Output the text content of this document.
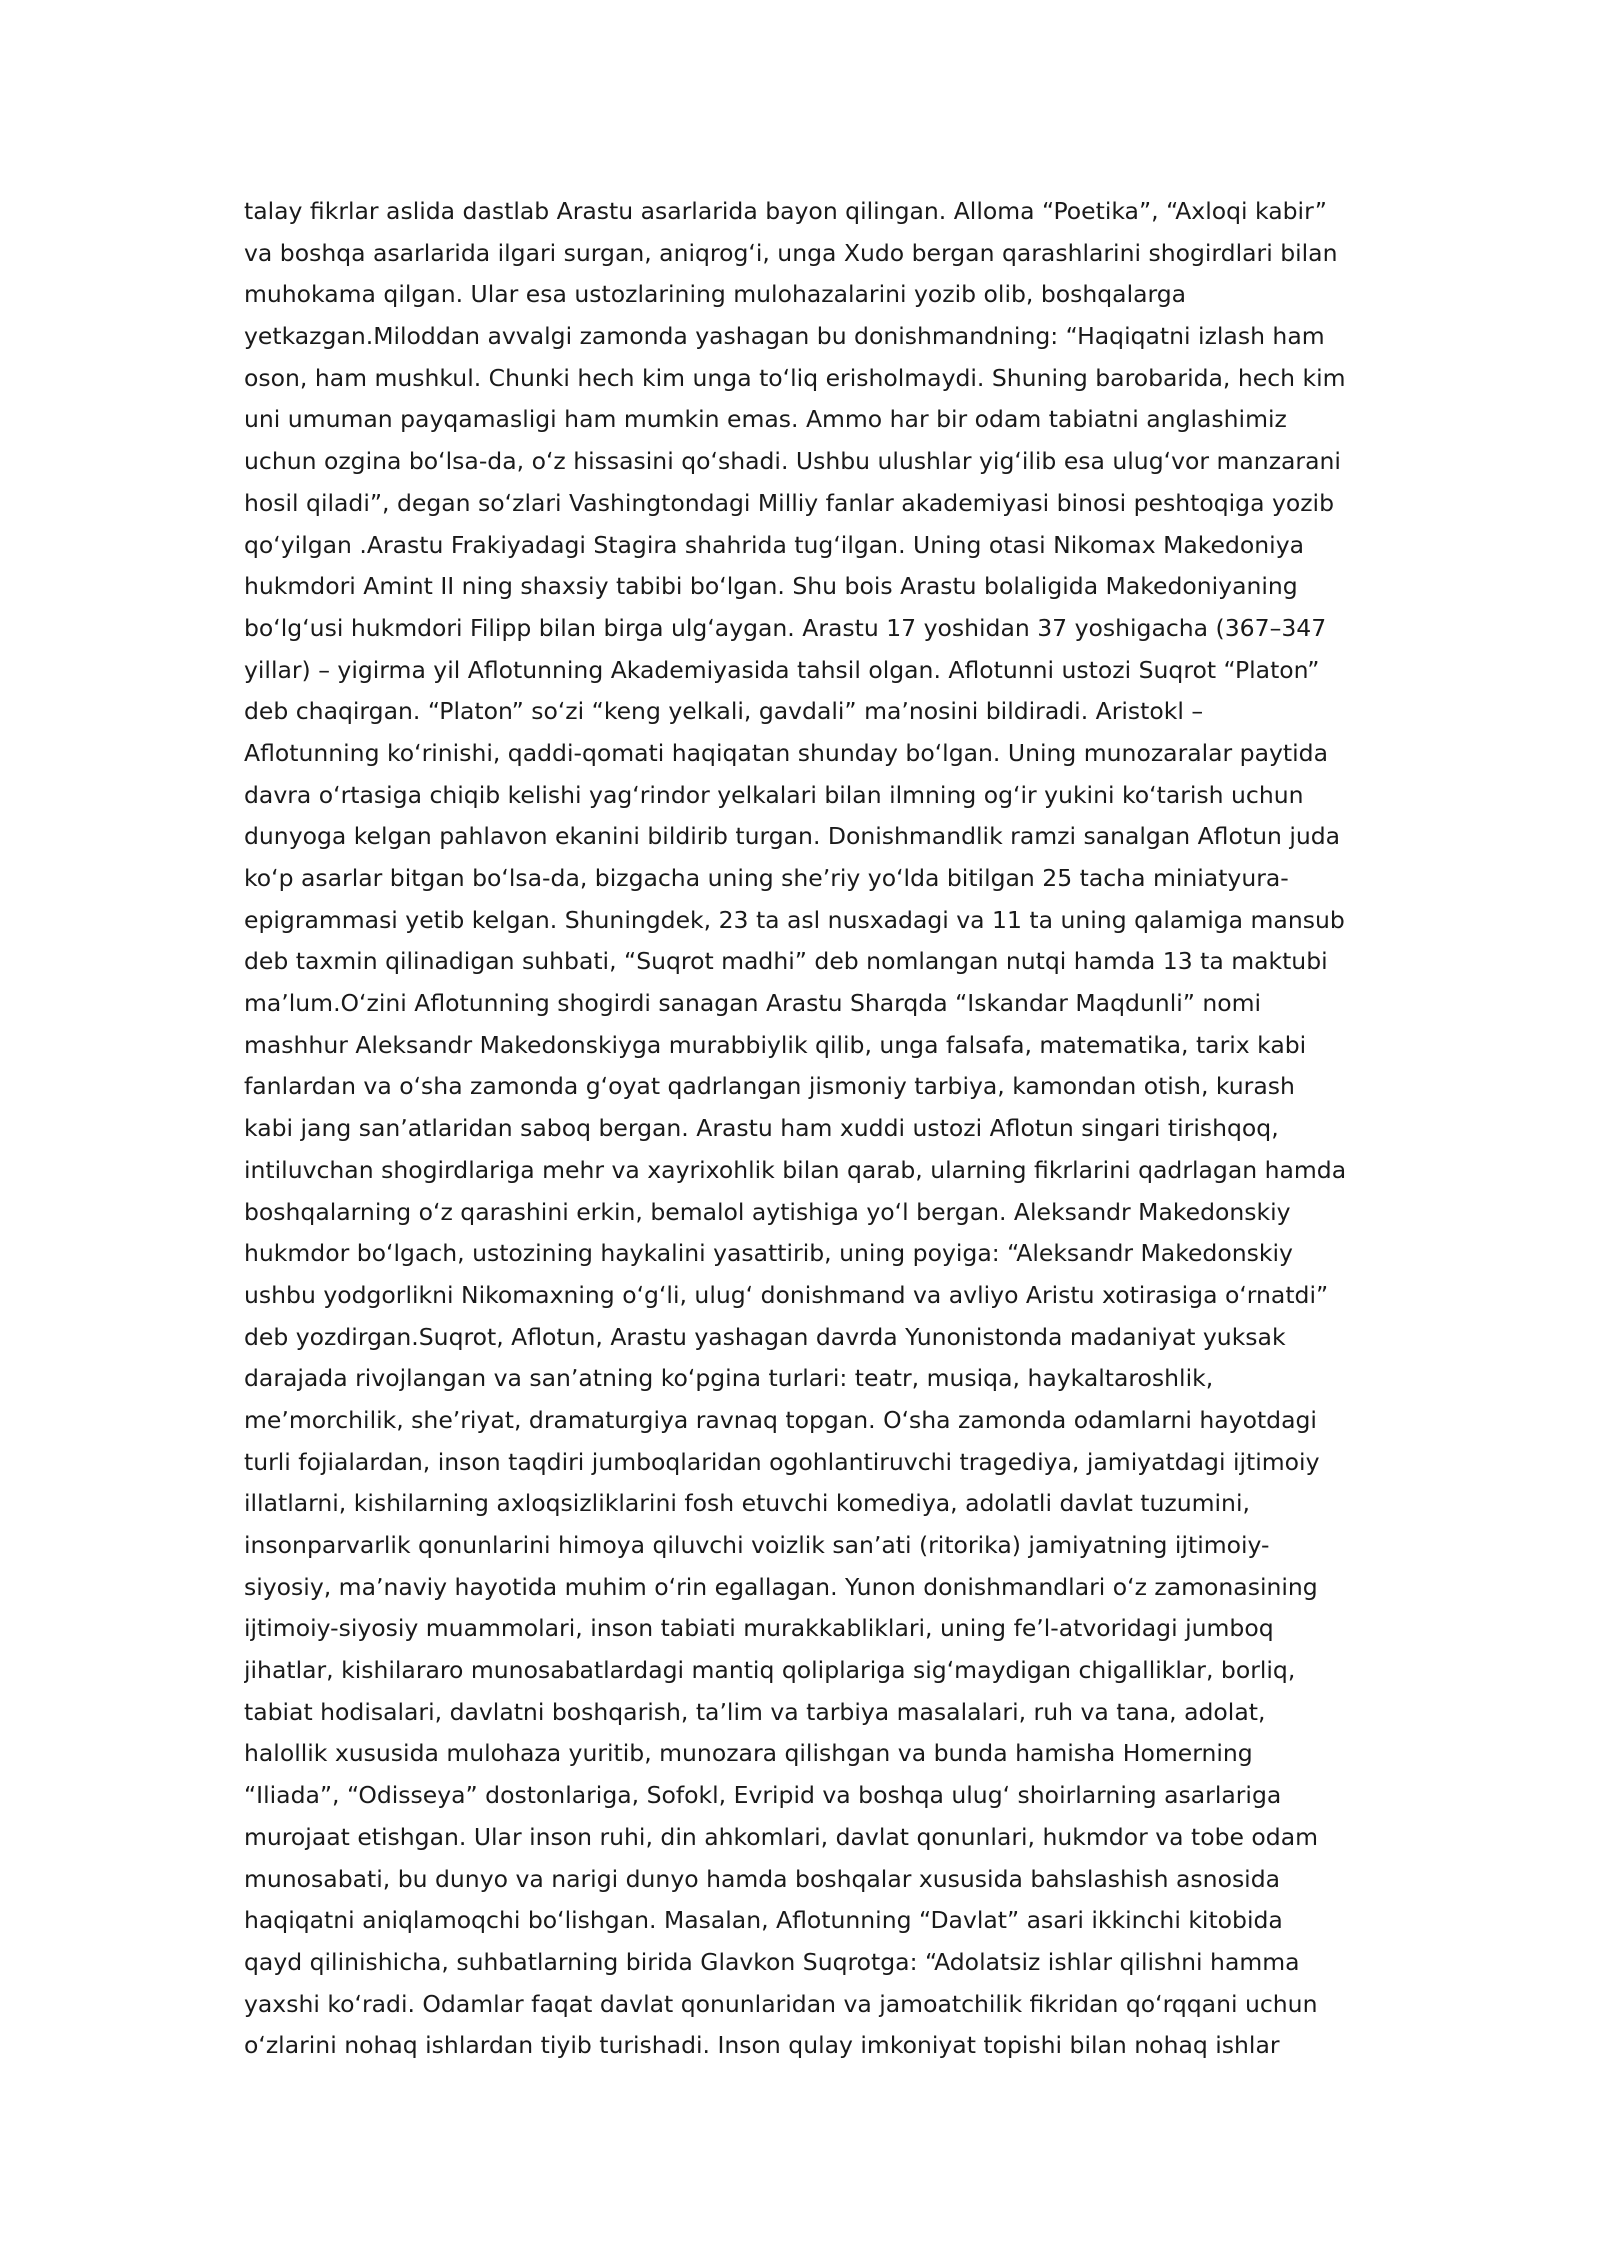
talay fikrlar aslida dastlab Arastu asarlarida bayon qilingan. Alloma “Poetika”, “Axloqi kabir”
va boshqa asarlarida ilgari surgan, aniqrogʻi, unga Xudo bergan qarashlarini shogirdlari bilan
muhokama qilgan. Ular esa ustozlarining mulohazalarini yozib olib, boshqalarga
yetkazgan.Miloddan avvalgi zamonda yashagan bu donishmandning: “Haqiqatni izlash ham
oson, ham mushkul. Chunki hech kim unga toʻliq erisholmaydi. Shuning barobarida, hech kim
uni umuman payqamasligi ham mumkin emas. Ammo har bir odam tabiatni anglashimiz
uchun ozgina boʻlsa-da, oʻz hissasini qoʻshadi. Ushbu ulushlar yigʻilib esa ulugʻvor manzarani
hosil qiladi”, degan soʻzlari Vashingtondagi Milliy fanlar akademiyasi binosi peshtoqiga yozib
qoʻyilgan .Arastu Frakiyadagi Stagira shahrida tugʻilgan. Uning otasi Nikomax Makedoniya
hukmdori Amint II ning shaxsiy tabibi boʻlgan. Shu bois Arastu bolaligida Makedoniyaning
boʻlgʻusi hukmdori Filipp bilan birga ulgʻaygan. Arastu 17 yoshidan 37 yoshigacha (367–347
yillar) – yigirma yil Aflotunning Akademiyasida tahsil olgan. Aflotunni ustozi Suqrot “Platon”
deb chaqirgan. “Platon” soʻzi “keng yelkali, gavdali” maʼnosini bildiradi. Aristokl –
Aflotunning koʻrinishi, qaddi-qomati haqiqatan shunday boʻlgan. Uning munozaralar paytida
davra oʻrtasiga chiqib kelishi yagʻrindor yelkalari bilan ilmning ogʻir yukini koʻtarish uchun
dunyoga kelgan pahlavon ekanini bildirib turgan. Donishmandlik ramzi sanalgan Aflotun juda
koʻp asarlar bitgan boʻlsa-da, bizgacha uning sheʼriy yoʻlda bitilgan 25 tacha miniatyura-
epigrammasi yetib kelgan. Shuningdek, 23 ta asl nusxadagi va 11 ta uning qalamiga mansub
deb taxmin qilinadigan suhbati, “Suqrot madhi” deb nomlangan nutqi hamda 13 ta maktubi
maʼlum.Oʻzini Aflotunning shogirdi sanagan Arastu Sharqda “Iskandar Maqdunli” nomi
mashhur Aleksandr Makedonskiyga murabbiylik qilib, unga falsafa, matematika, tarix kabi
fanlardan va oʻsha zamonda gʻoyat qadrlangan jismoniy tarbiya, kamondan otish, kurash
kabi jang sanʼatlaridan saboq bergan. Arastu ham xuddi ustozi Aflotun singari tirishqoq,
intiluvchan shogirdlariga mehr va xayrixohlik bilan qarab, ularning fikrlarini qadrlagan hamda
boshqalarning oʻz qarashini erkin, bemalol aytishiga yoʻl bergan. Aleksandr Makedonskiy
hukmdor boʻlgach, ustozining haykalini yasattirib, uning poyiga: “Aleksandr Makedonskiy
ushbu yodgorlikni Nikomaxning oʻgʻli, ulugʻ donishmand va avliyo Aristu xotirasiga oʻrnatdi”
deb yozdirgan.Suqrot, Aflotun, Arastu yashagan davrda Yunonistonda madaniyat yuksak
darajada rivojlangan va sanʼatning koʻpgina turlari: teatr, musiqa, haykaltaroshlik,
meʼmorchilik, sheʼriyat, dramaturgiya ravnaq topgan. Oʻsha zamonda odamlarni hayotdagi
turli fojialardan, inson taqdiri jumboqlaridan ogohlantiruvchi tragediya, jamiyatdagi ijtimoiy
illatlarni, kishilarning axloqsizliklarini fosh etuvchi komediya, adolatli davlat tuzumini,
insonparvarlik qonunlarini himoya qiluvchi voizlik sanʼati (ritorika) jamiyatning ijtimoiy-
siyosiy, maʼnaviy hayotida muhim oʻrin egallagan. Yunon donishmandlari oʻz zamonasining
ijtimoiy-siyosiy muammolari, inson tabiati murakkabliklari, uning feʼl-atvoridagi jumboq
jihatlar, kishilararo munosabatlardagi mantiq qoliplariga sigʻmaydigan chigalliklar, borliq,
tabiat hodisalari, davlatni boshqarish, taʼlim va tarbiya masalalari, ruh va tana, adolat,
halollik xususida mulohaza yuritib, munozara qilishgan va bunda hamisha Homerning
“Iliada”, “Odisseya” dostonlariga, Sofokl, Evripid va boshqa ulugʻ shoirlarning asarlariga
murojaat etishgan. Ular inson ruhi, din ahkomlari, davlat qonunlari, hukmdor va tobe odam
munosabati, bu dunyo va narigi dunyo hamda boshqalar xususida bahslashish asnosida
haqiqatni aniqlamoqchi boʻlishgan. Masalan, Aflotunning “Davlat” asari ikkinchi kitobida
qayd qilinishicha, suhbatlarning birida Glavkon Suqrotga: “Adolatsiz ishlar qilishni hamma
yaxshi koʻradi. Odamlar faqat davlat qonunlaridan va jamoatchilik fikridan qoʻrqqani uchun
oʻzlarini nohaq ishlardan tiyib turishadi. Inson qulay imkoniyat topishi bilan nohaq ishlar
